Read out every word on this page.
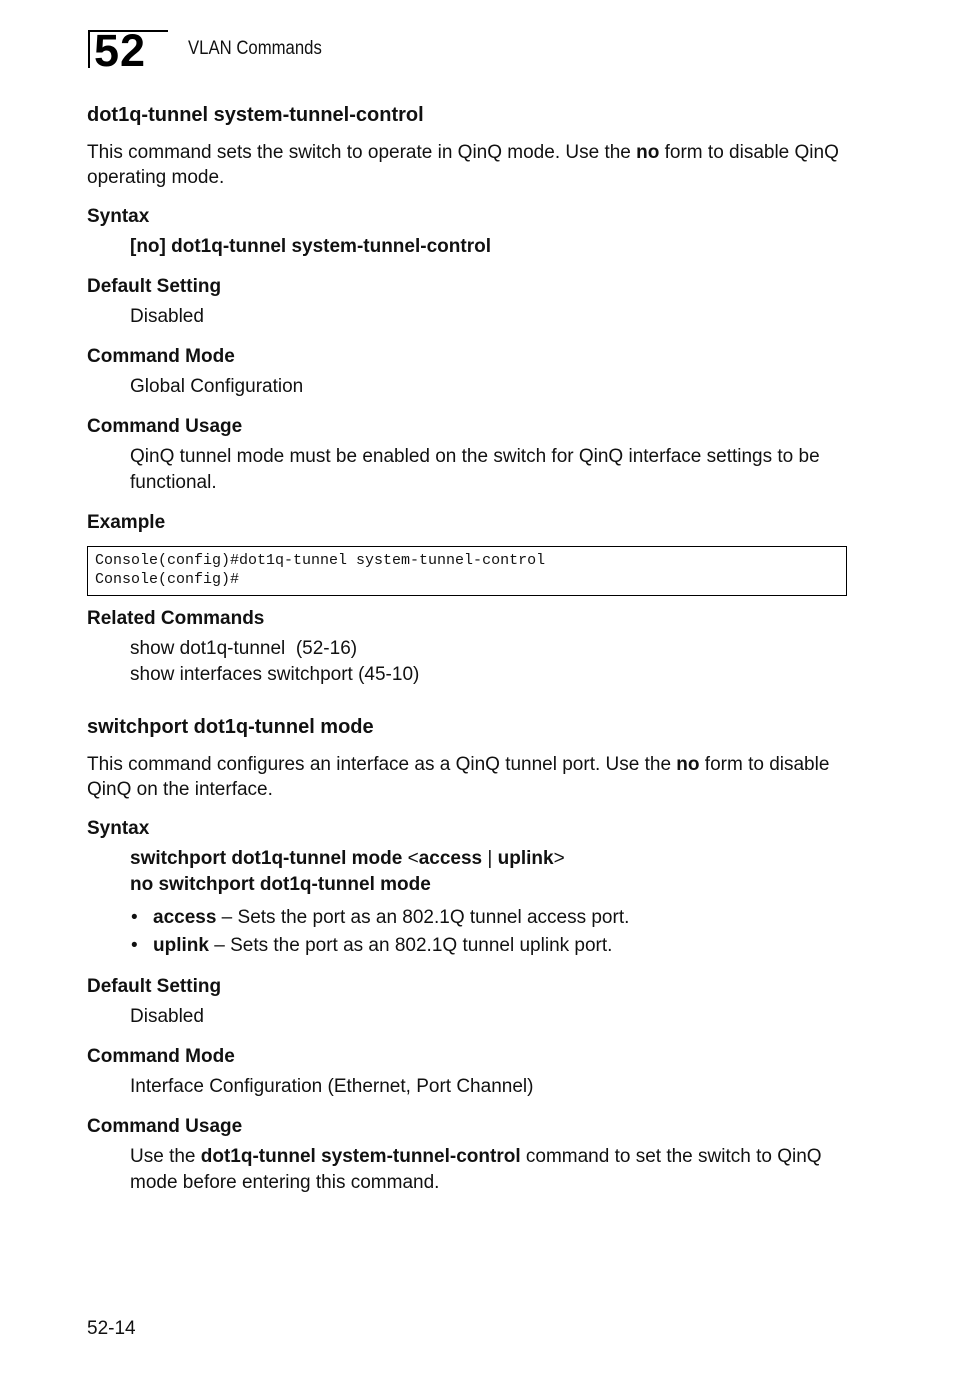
52	VLAN Commands
dot1q-tunnel system-tunnel-control

This command sets the switch to operate in QinQ mode. Use the no form to disable QinQ operating mode.

Syntax
[no] dot1q-tunnel system-tunnel-control
Default Setting
Disabled
Command Mode
Global Configuration
Command Usage
QinQ tunnel mode must be enabled on the switch for QinQ interface settings to be functional.
Example
Console(config)#dot1q-tunnel system-tunnel-control
Console(config)#
Related Commands
show dot1q-tunnel  (52-16)
show interfaces switchport (45-10)
switchport dot1q-tunnel mode

This command configures an interface as a QinQ tunnel port. Use the no form to disable QinQ on the interface.

Syntax
switchport dot1q-tunnel mode <access | uplink>
no switchport dot1q-tunnel mode
• access – Sets the port as an 802.1Q tunnel access port.
• uplink – Sets the port as an 802.1Q tunnel uplink port.
Default Setting
Disabled
Command Mode
Interface Configuration (Ethernet, Port Channel)
Command Usage
Use the dot1q-tunnel system-tunnel-control command to set the switch to QinQ mode before entering this command.
52-14
